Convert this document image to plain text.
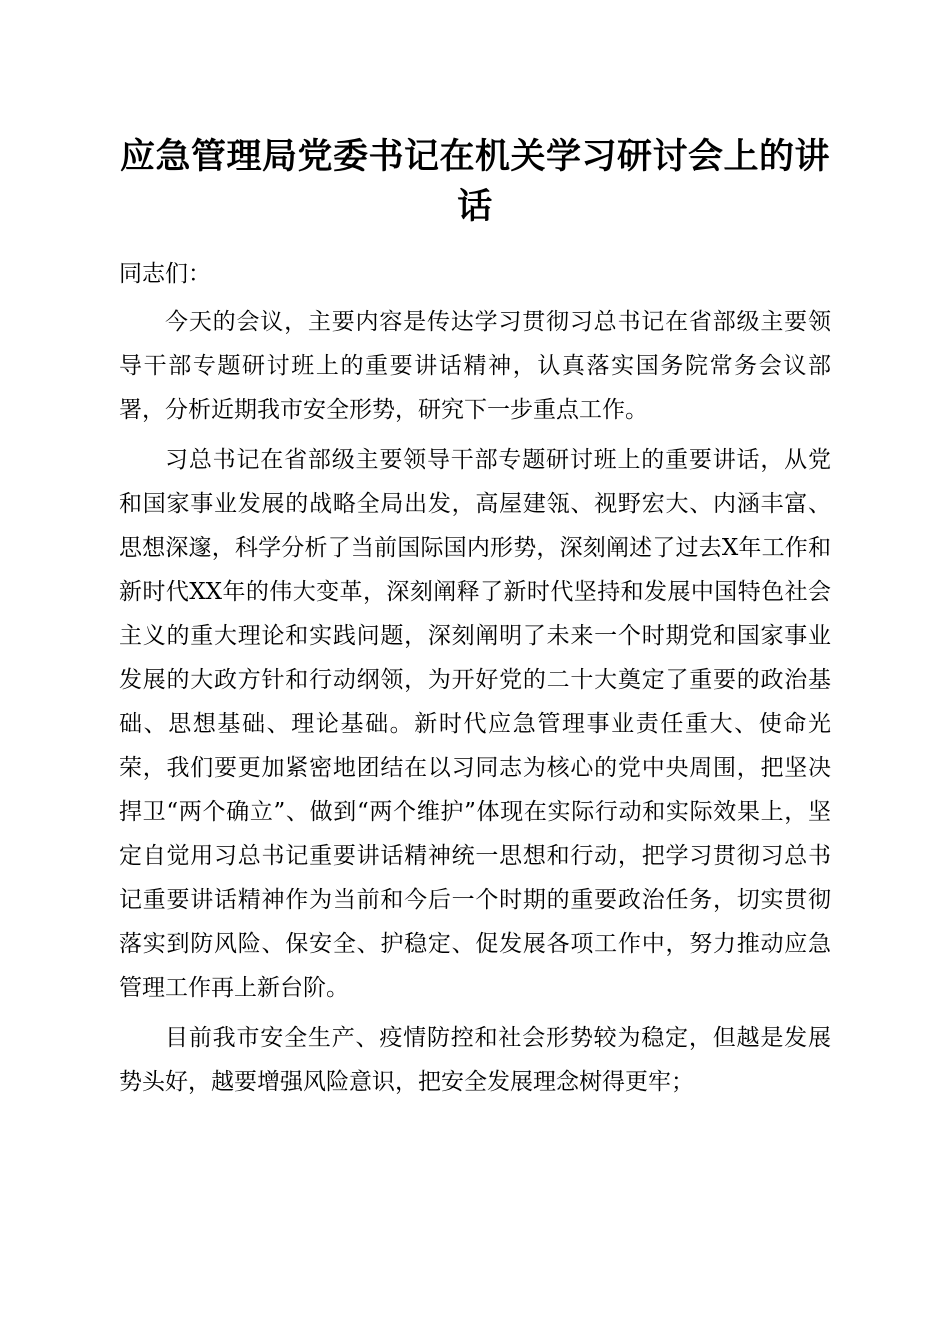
应急管理局党委书记在机关学习研讨会上的讲话

同志们：

今天的会议，主要内容是传达学习贯彻习总书记在省部级主要领导干部专题研讨班上的重要讲话精神，认真落实国务院常务会议部署，分析近期我市安全形势，研究下一步重点工作。

习总书记在省部级主要领导干部专题研讨班上的重要讲话，从党和国家事业发展的战略全局出发，高屋建瓴、视野宏大、内涵丰富、思想深邃，科学分析了当前国际国内形势，深刻阐述了过去X年工作和新时代XX年的伟大变革，深刻阐释了新时代坚持和发展中国特色社会主义的重大理论和实践问题，深刻阐明了未来一个时期党和国家事业发展的大政方针和行动纲领，为开好党的二十大奠定了重要的政治基础、思想基础、理论基础。新时代应急管理事业责任重大、使命光荣，我们要更加紧密地团结在以习同志为核心的党中央周围，把坚决捍卫“两个确立”、做到“两个维护”体现在实际行动和实际效果上，坚定自觉用习总书记重要讲话精神统一思想和行动，把学习贯彻习总书记重要讲话精神作为当前和今后一个时期的重要政治任务，切实贯彻落实到防风险、保安全、护稳定、促发展各项工作中，努力推动应急管理工作再上新台阶。

目前我市安全生产、疫情防控和社会形势较为稳定，但越是发展势头好，越要增强风险意识，把安全发展理念树得更牢；
